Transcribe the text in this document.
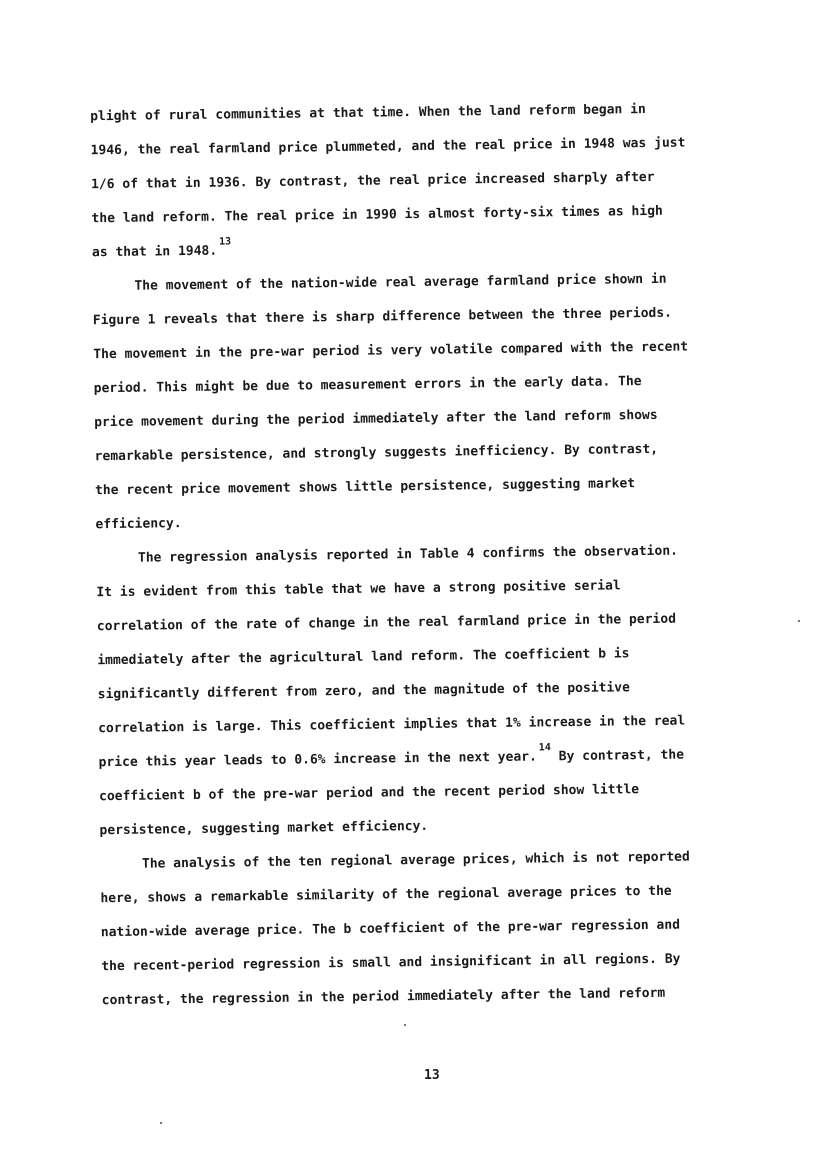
plight of rural communities at that time. When the land reform began in
1946, the real farmland price plummeted, and the real price in 1948 was just
1/6 of that in 1936. By contrast, the real price increased sharply after
the land reform. The real price in 1990 is almost forty-six times as high
as that in 1948.13
The movement of the nation-wide real average farmland price shown in
Figure 1 reveals that there is sharp difference between the three periods.
The movement in the pre-war period is very volatile compared with the recent
period. This might be due to measurement errors in the early data. The
price movement during the period immediately after the land reform shows
remarkable persistence, and strongly suggests inefficiency. By contrast,
the recent price movement shows little persistence, suggesting market
efficiency.
The regression analysis reported in Table 4 confirms the observation.
It is evident from this table that we have a strong positive serial
correlation of the rate of change in the real farmland price in the period
immediately after the agricultural land reform. The coefficient b is
significantly different from zero, and the magnitude of the positive
correlation is large. This coefficient implies that 1% increase in the real
price this year leads to 0.6% increase in the next year.$^{14}$ By contrast, the
coefficient b of the pre-war period and the recent period show little
persistence, suggesting market efficiency.
The analysis of the ten regional average prices, which is not reported
here, shows a remarkable similarity of the regional average prices to the
nation-wide average price. The b coefficient of the pre-war regression and
the recent-period regression is small and insignificant in all regions. By
contrast, the regression in the period immediately after the land reform
13
